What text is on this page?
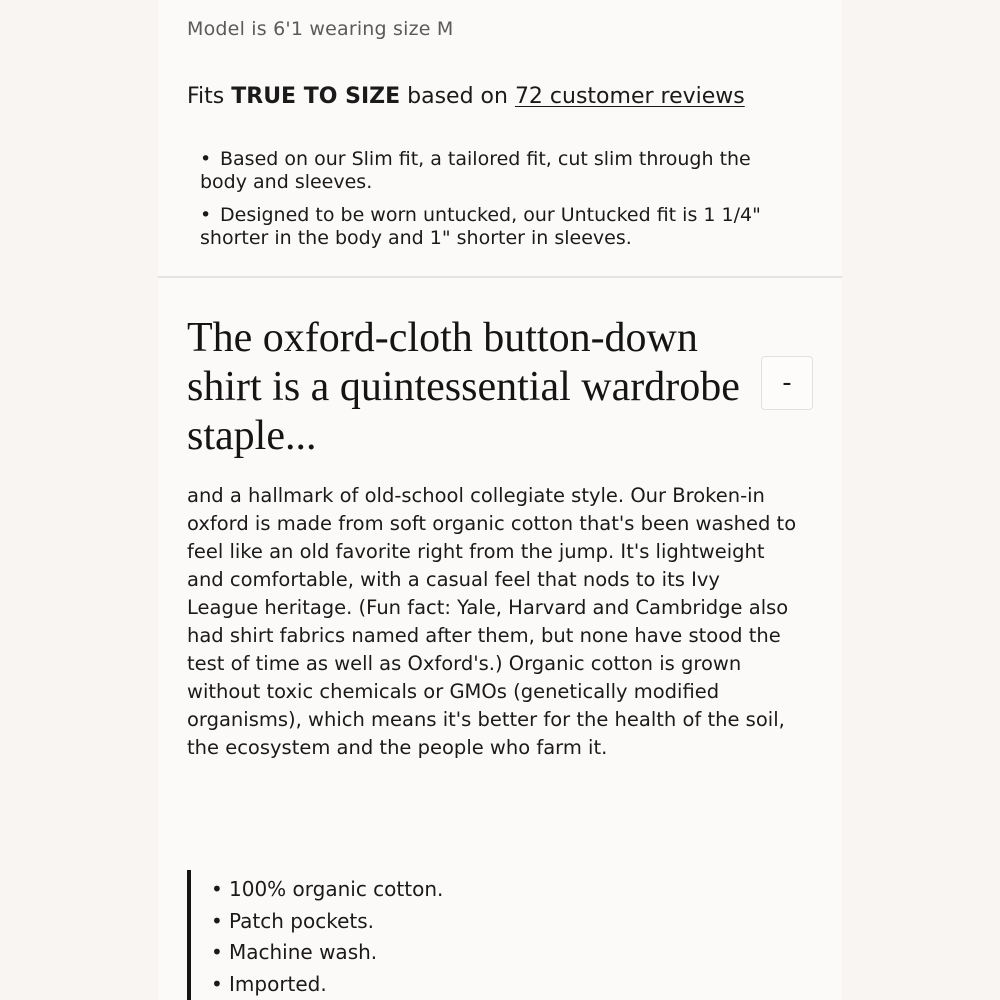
Model is 6'1 wearing size M
Fits TRUE TO SIZE based on 72 customer reviews
• Based on our Slim fit, a tailored fit, cut slim through the body and sleeves.
• Designed to be worn untucked, our Untucked fit is 1 1/4" shorter in the body and 1" shorter in sleeves.
The oxford-cloth button-down shirt is a quintessential wardrobe staple...
-

and a hallmark of old-school collegiate style. Our Broken-in oxford is made from soft organic cotton that's been washed to feel like an old favorite right from the jump. It's lightweight and comfortable, with a casual feel that nods to its Ivy League heritage. (Fun fact: Yale, Harvard and Cambridge also had shirt fabrics named after them, but none have stood the test of time as well as Oxford's.) Organic cotton is grown without toxic chemicals or GMOs (genetically modified organisms), which means it's better for the health of the soil, the ecosystem and the people who farm it.

• 100% organic cotton.
• Patch pockets.
• Machine wash.
• Imported.
